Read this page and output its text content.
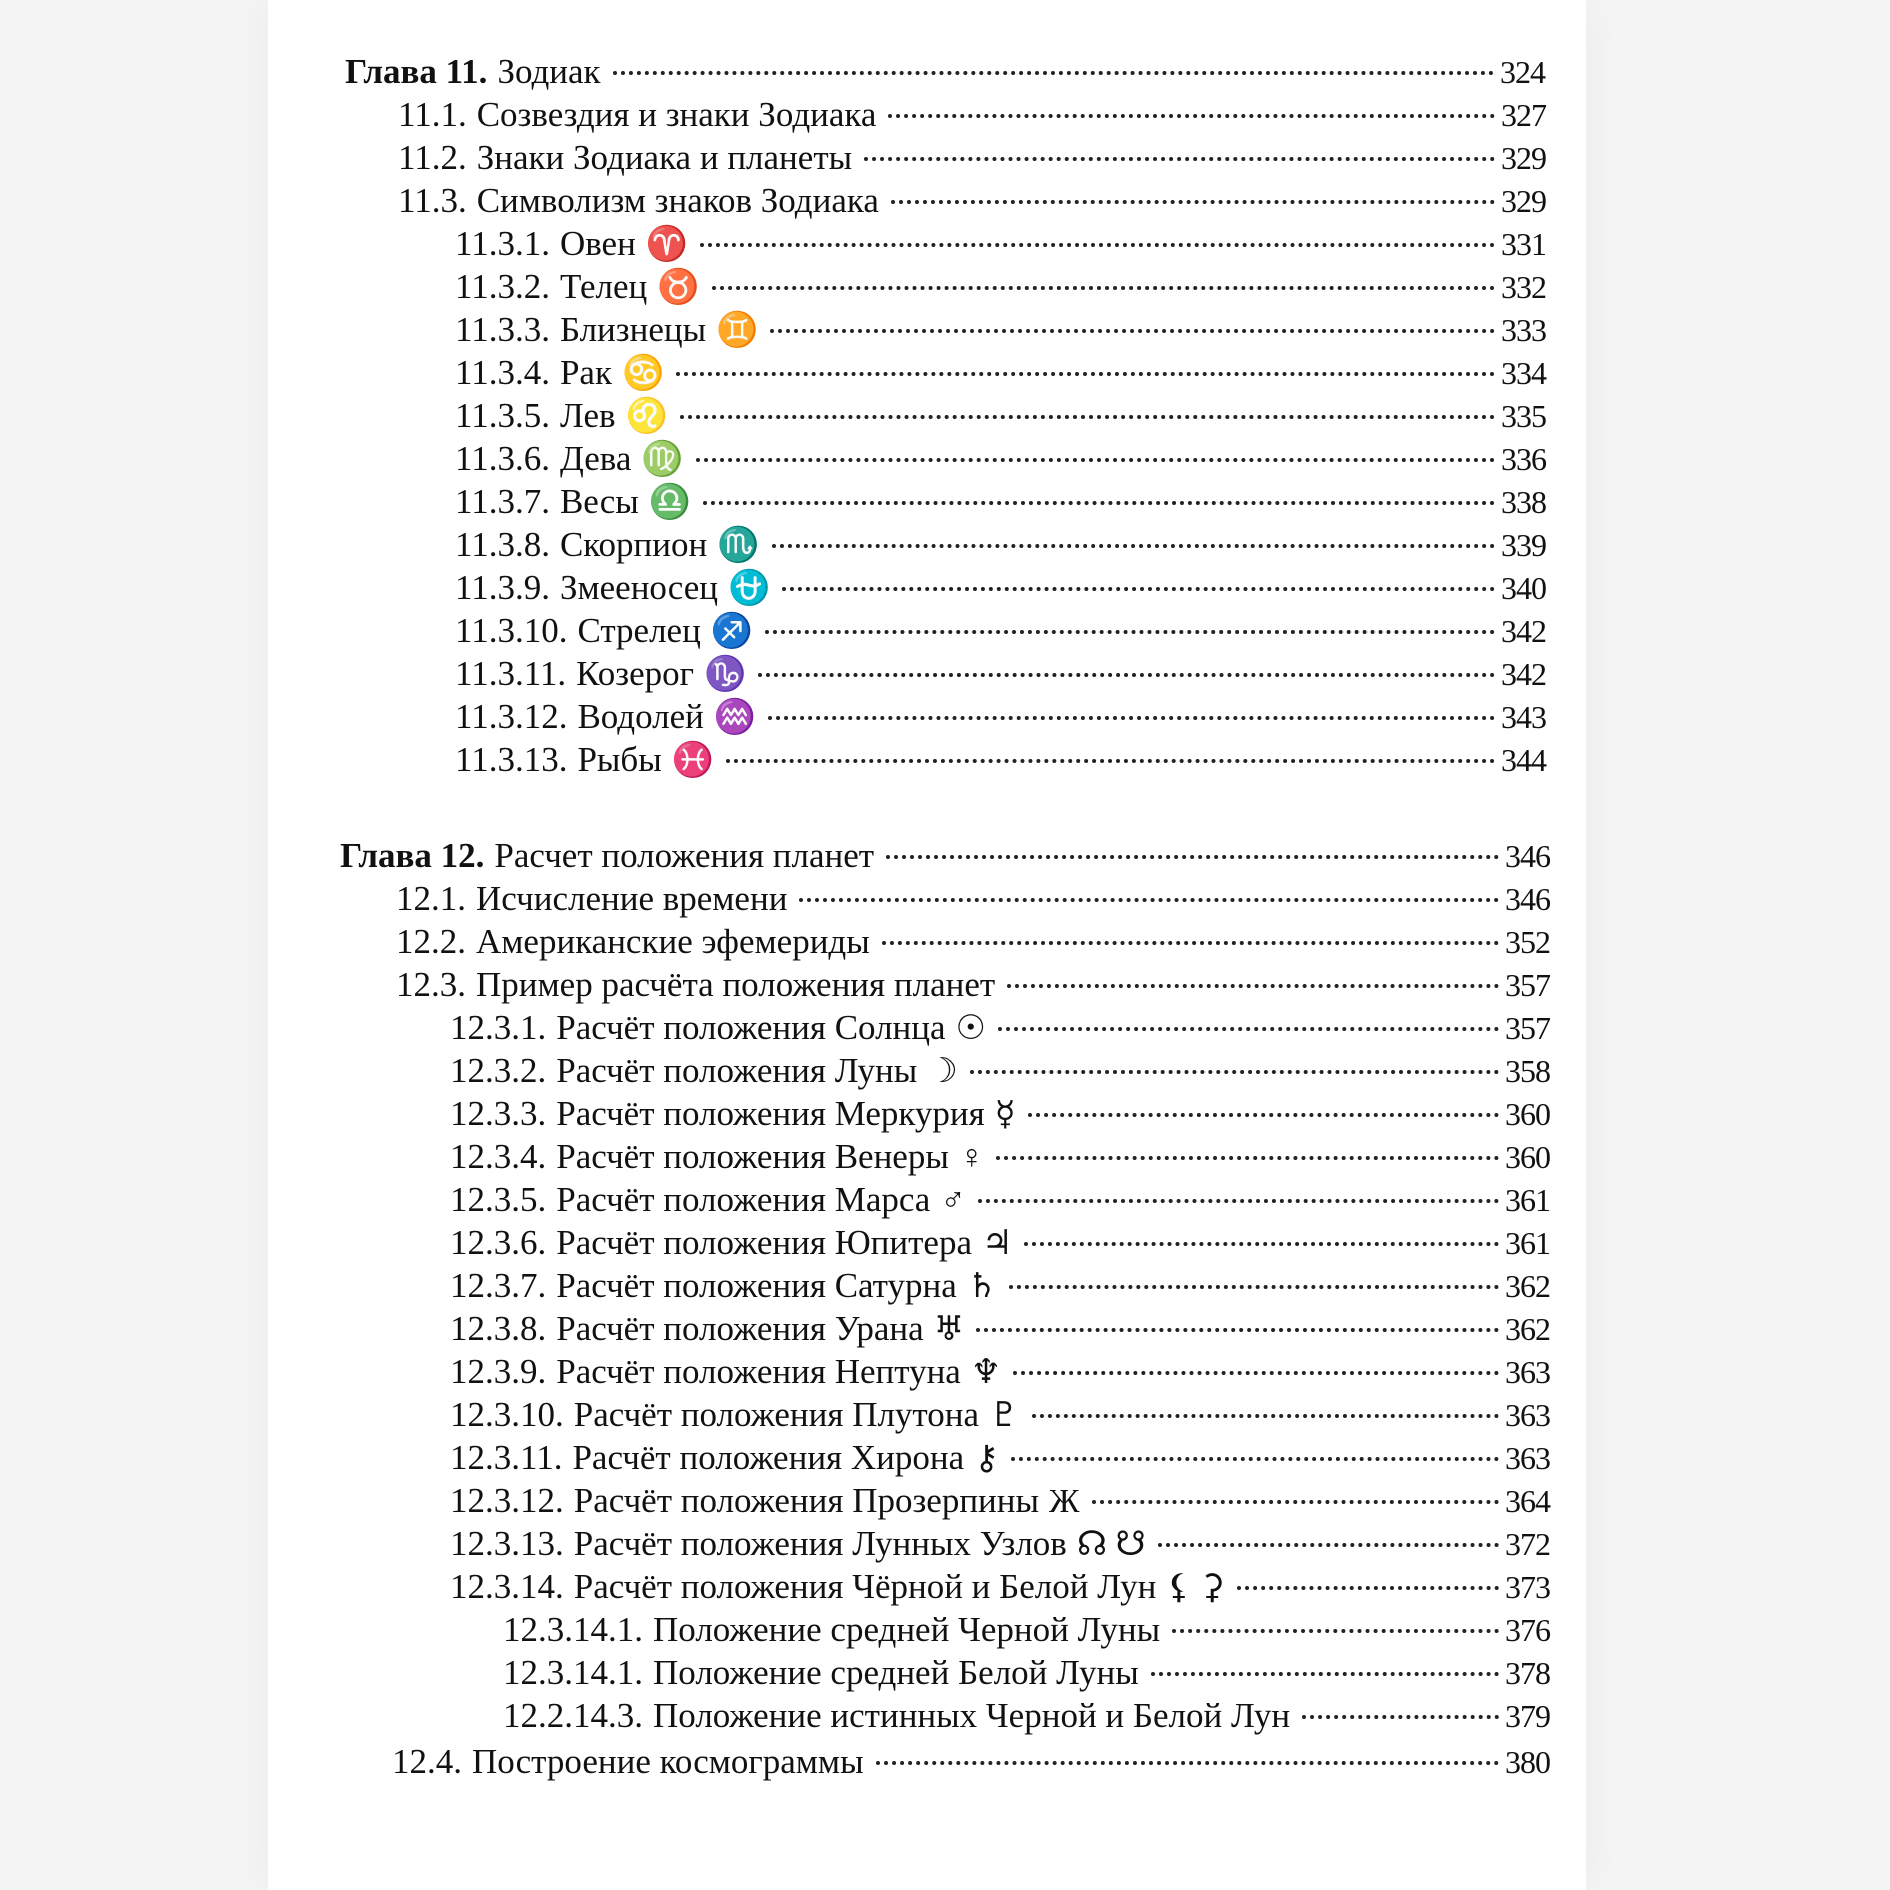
Глава 11. Зодиак	324
11.1. Созвездия и знаки Зодиака	327
11.2. Знаки Зодиака и планеты	329
11.3. Символизм знаков Зодиака	329
11.3.1. Овен ♈	331
11.3.2. Телец ♉	332
11.3.3. Близнецы ♊	333
11.3.4. Рак ♋	334
11.3.5. Лев ♌	335
11.3.6. Дева ♍	336
11.3.7. Весы ♎	338
11.3.8. Скорпион ♏	339
11.3.9. Змееносец ⛎	340
11.3.10. Стрелец ♐	342
11.3.11. Козерог ♑	342
11.3.12. Водолей ♒	343
11.3.13. Рыбы ♓	344
Глава 12. Расчет положения планет	346
12.1. Исчисление времени	346
12.2. Американские эфемериды	352
12.3. Пример расчёта положения планет	357
12.3.1. Расчёт положения Солнца ☉	357
12.3.2. Расчёт положения Луны ☽	358
12.3.3. Расчёт положения Меркурия ☿	360
12.3.4. Расчёт положения Венеры ♀	360
12.3.5. Расчёт положения Марса ♂	361
12.3.6. Расчёт положения Юпитера ♃	361
12.3.7. Расчёт положения Сатурна ♄	362
12.3.8. Расчёт положения Урана ♅	362
12.3.9. Расчёт положения Нептуна ♆	363
12.3.10. Расчёт положения Плутона ♇	363
12.3.11. Расчёт положения Хирона ⚷	363
12.3.12. Расчёт положения Прозерпины Ж	364
12.3.13. Расчёт положения Лунных Узлов ☊ ☋	372
12.3.14. Расчёт положения Чёрной и Белой Лун ⚸ ⚳	373
12.3.14.1. Положение средней Черной Луны	376
12.3.14.1. Положение средней Белой Луны	378
12.2.14.3. Положение истинных Черной и Белой Лун	379
12.4. Построение космограммы	380
